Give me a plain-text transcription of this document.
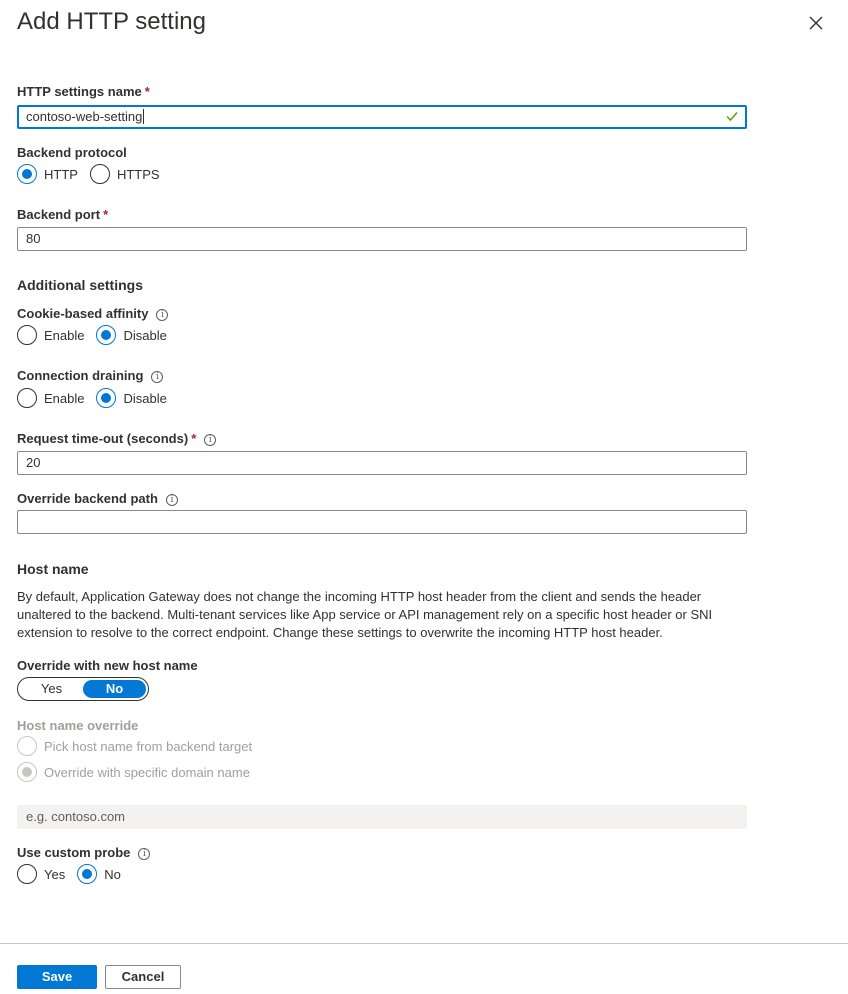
Add HTTP setting
HTTP settings name *
contoso-web-setting
Backend protocol
HTTP	HTTPS
Backend port *
80
Additional settings
Cookie-based affinity i
Enable	Disable
Connection draining i
Enable	Disable
Request time-out (seconds) * i
20
Override backend path i
Host name
By default, Application Gateway does not change the incoming HTTP host header from the client and sends the header unaltered to the backend. Multi-tenant services like App service or API management rely on a specific host header or SNI extension to resolve to the correct endpoint. Change these settings to overwrite the incoming HTTP host header.
Override with new host name
Yes	No
Host name override
Pick host name from backend target
Override with specific domain name
e.g. contoso.com
Use custom probe i
Yes	No
Save	Cancel
